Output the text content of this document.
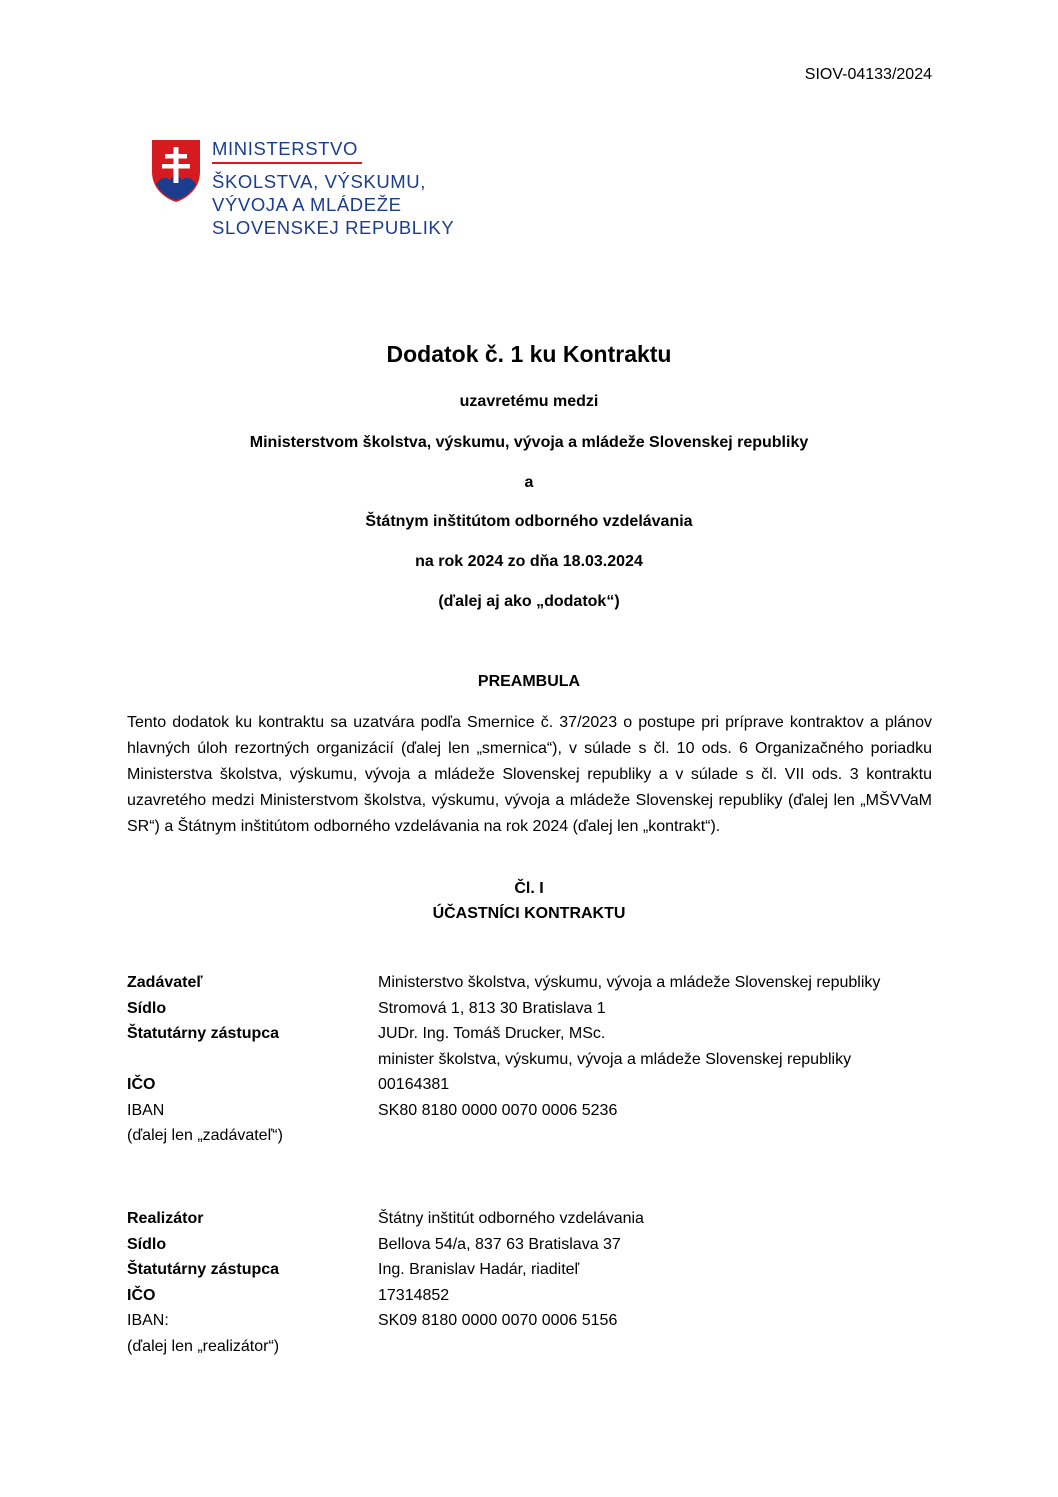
SIOV-04133/2024
MINISTERSTVO
ŠKOLSTVA, VÝSKUMU,
VÝVOJA A MLÁDEŽE
SLOVENSKEJ REPUBLIKY
Dodatok č. 1 ku Kontraktu
uzavretému medzi
Ministerstvom školstva, výskumu, vývoja a mládeže Slovenskej republiky
a
Štátnym inštitútom odborného vzdelávania
na rok 2024 zo dňa 18.03.2024
(ďalej aj ako „dodatok“)
PREAMBULA
Tento dodatok ku kontraktu sa uzatvára podľa Smernice č. 37/2023 o postupe pri príprave kontraktov a plánov hlavných úloh rezortných organizácií (ďalej len „smernica“), v súlade s čl. 10 ods. 6 Organizačného poriadku Ministerstva školstva, výskumu, vývoja a mládeže Slovenskej republiky a v súlade s čl. VII ods. 3 kontraktu uzavretého medzi Ministerstvom školstva, výskumu, vývoja a mládeže Slovenskej republiky (ďalej len „MŠVVaM SR“) a Štátnym inštitútom odborného vzdelávania na rok 2024 (ďalej len „kontrakt“).
Čl. I
ÚČASTNÍCI KONTRAKTU
Zadávateľ	Ministerstvo školstva, výskumu, vývoja a mládeže Slovenskej republiky
Sídlo	Stromová 1, 813 30 Bratislava 1
Štatutárny zástupca	JUDr. Ing. Tomáš Drucker, MSc.
minister školstva, výskumu, vývoja a mládeže Slovenskej republiky
IČO	00164381
IBAN	SK80 8180 0000 0070 0006 5236
(ďalej len „zadávateľ“)
Realizátor	Štátny inštitút odborného vzdelávania
Sídlo	Bellova 54/a, 837 63 Bratislava 37
Štatutárny zástupca	Ing. Branislav Hadár, riaditeľ
IČO	17314852
IBAN:	SK09 8180 0000 0070 0006 5156
(ďalej len „realizátor“)
